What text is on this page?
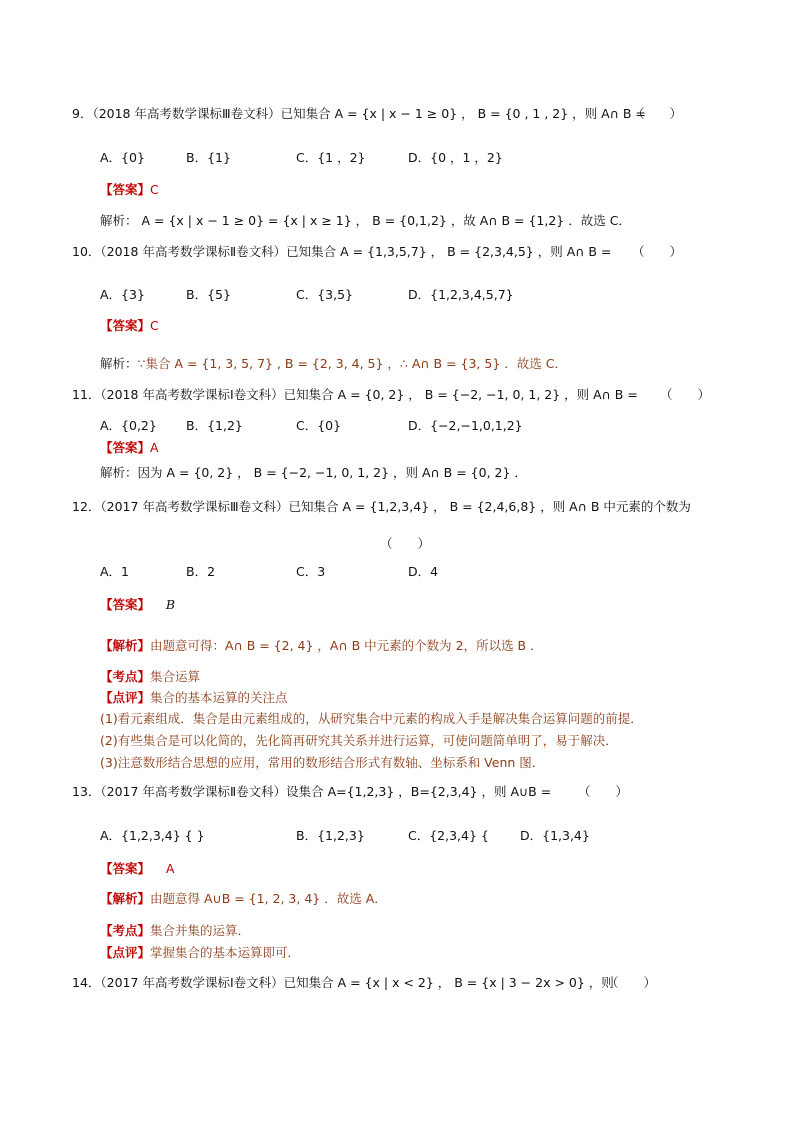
9．（2018 年高考数学课标Ⅲ卷文科）已知集合 A = {x | x − 1 ≥ 0} ， B = {0 , 1 , 2} ，则 A∩ B =
（　　）
A．{0}	B．{1}	C．{1 ，2}	D．{0 ，1 ，2}
【答案】C
解析： A = {x | x − 1 ≥ 0} = {x | x ≥ 1} ， B = {0,1,2} ，故 A∩ B = {1,2} ．故选 C．
10．（2018 年高考数学课标Ⅱ卷文科）已知集合 A = {1,3,5,7} ， B = {2,3,4,5} ，则 A∩ B = （　　）
A．{3}	B．{5}	C．{3,5}	D．{1,2,3,4,5,7}
【答案】C
解析：∵集合 A = {1, 3, 5, 7} , B = {2, 3, 4, 5} ，∴ A∩ B = {3, 5} ．故选 C．
11．（2018 年高考数学课标Ⅰ卷文科）已知集合 A = {0, 2} ， B = {−2, −1, 0, 1, 2} ，则 A∩ B = （　　）
A．{0,2} B．{1,2}	C．{0}	D．{−2,−1,0,1,2}
【答案】A
解析：因为 A = {0, 2} ， B = {−2, −1, 0, 1, 2} ，则 A∩ B = {0, 2} ．
12．（2017 年高考数学课标Ⅲ卷文科）已知集合 A = {1,2,3,4} ， B = {2,4,6,8} ，则 A∩ B 中元素的个数为
（　　）
A．1	B．2	C．3	D．4
【答案】 B
【解析】由题意可得：A∩ B = {2, 4} ，A∩ B 中元素的个数为 2，所以选 B ．
【考点】集合运算
【点评】集合的基本运算的关注点
(1)看元素组成．集合是由元素组成的，从研究集合中元素的构成入手是解决集合运算问题的前提．
(2)有些集合是可以化简的，先化简再研究其关系并进行运算，可使问题简单明了，易于解决．
(3)注意数形结合思想的应用，常用的数形结合形式有数轴、坐标系和 Venn 图．
13．（2017 年高考数学课标Ⅱ卷文科）设集合 A={1,2,3} ，B={2,3,4} ，则 A∪B = （　　）
A．{1,2,3,4} { }	B．{1,2,3}	C．{2,3,4} { D．{1,3,4}
【答案】 A
【解析】由题意得 A∪B = {1, 2, 3, 4} ．故选 A．
【考点】集合并集的运算．
【点评】掌握集合的基本运算即可．
14．（2017 年高考数学课标Ⅰ卷文科）已知集合 A = {x | x < 2} ， B = {x | 3 − 2x > 0} ，则
（　　）
